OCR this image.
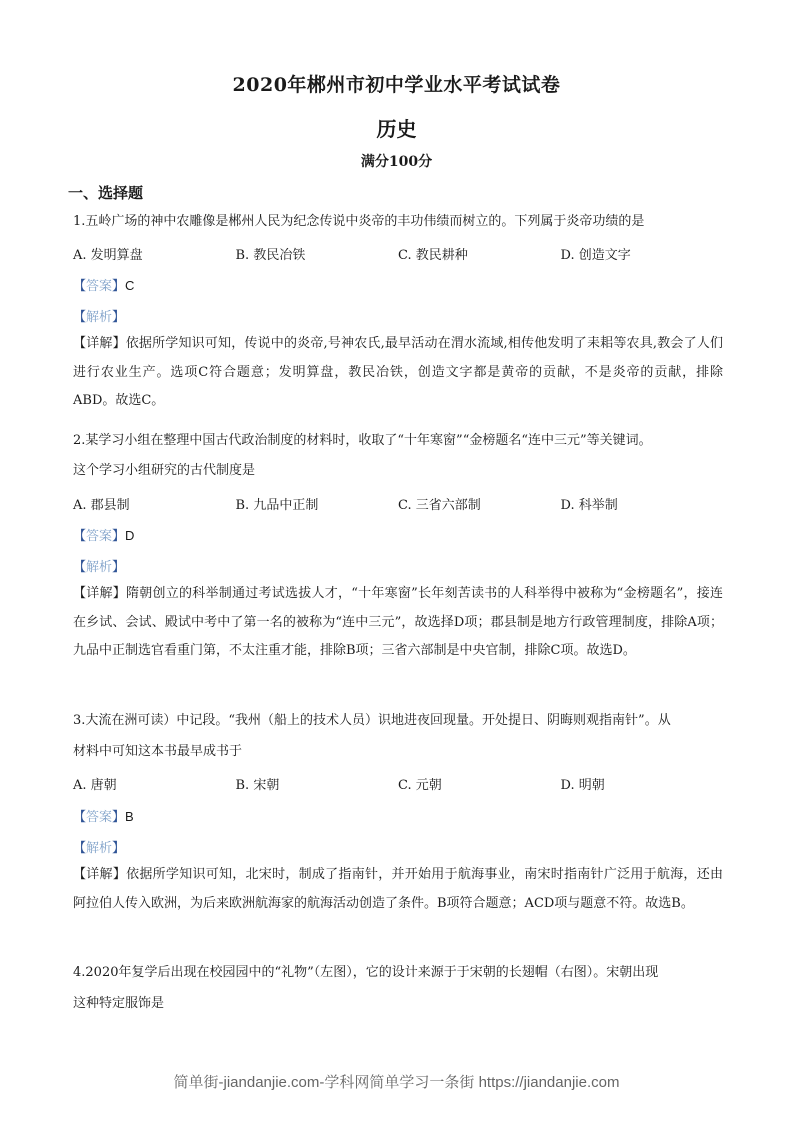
2020年郴州市初中学业水平考试试卷
历史
满分100分
一、选择题
1.五岭广场的神中农雕像是郴州人民为纪念传说中炎帝的丰功伟绩而树立的。下列属于炎帝功绩的是
A. 发明算盘	B. 教民冶铁	C. 教民耕种	D. 创造文字
【答案】C
【解析】
【详解】依据所学知识可知，传说中的炎帝,号神农氏,最早活动在渭水流域,相传他发明了耒耜等农具,教会了人们进行农业生产。选项C符合题意；发明算盘，教民冶铁，创造文字都是黄帝的贡献，不是炎帝的贡献，排除ABD。故选C。
2.某学习小组在整理中国古代政治制度的材料时，收取了“十年寒窗”“金榜题名“连中三元”等关键词。
这个学习小组研究的古代制度是
A. 郡县制	B. 九品中正制	C. 三省六部制	D. 科举制
【答案】D
【解析】
【详解】隋朝创立的科举制通过考试选拔人才，“十年寒窗”长年刻苦读书的人科举得中被称为“金榜题名”，接连在乡试、会试、殿试中考中了第一名的被称为“连中三元”，故选择D项；郡县制是地方行政管理制度，排除A项；九品中正制选官看重门第，不太注重才能，排除B项；三省六部制是中央官制，排除C项。故选D。
3.大流在洲可读）中记段。“我州（船上的技术人员）识地进夜回现量。开处提日、阴晦则观指南针”。从
材料中可知这本书最早成书于
A. 唐朝	B. 宋朝	C. 元朝	D. 明朝
【答案】B
【解析】
【详解】依据所学知识可知，北宋时，制成了指南针，并开始用于航海事业，南宋时指南针广泛用于航海，还由阿拉伯人传入欧洲，为后来欧洲航海家的航海活动创造了条件。B项符合题意；ACD项与题意不符。故选B。
4.2020年复学后出现在校园园中的“礼物”（左图），它的设计来源于于宋朝的长翅帽（右图）。宋朝出现
这种特定服饰是
简单街-jiandanjie.com-学科网简单学习一条街 https://jiandanjie.com
